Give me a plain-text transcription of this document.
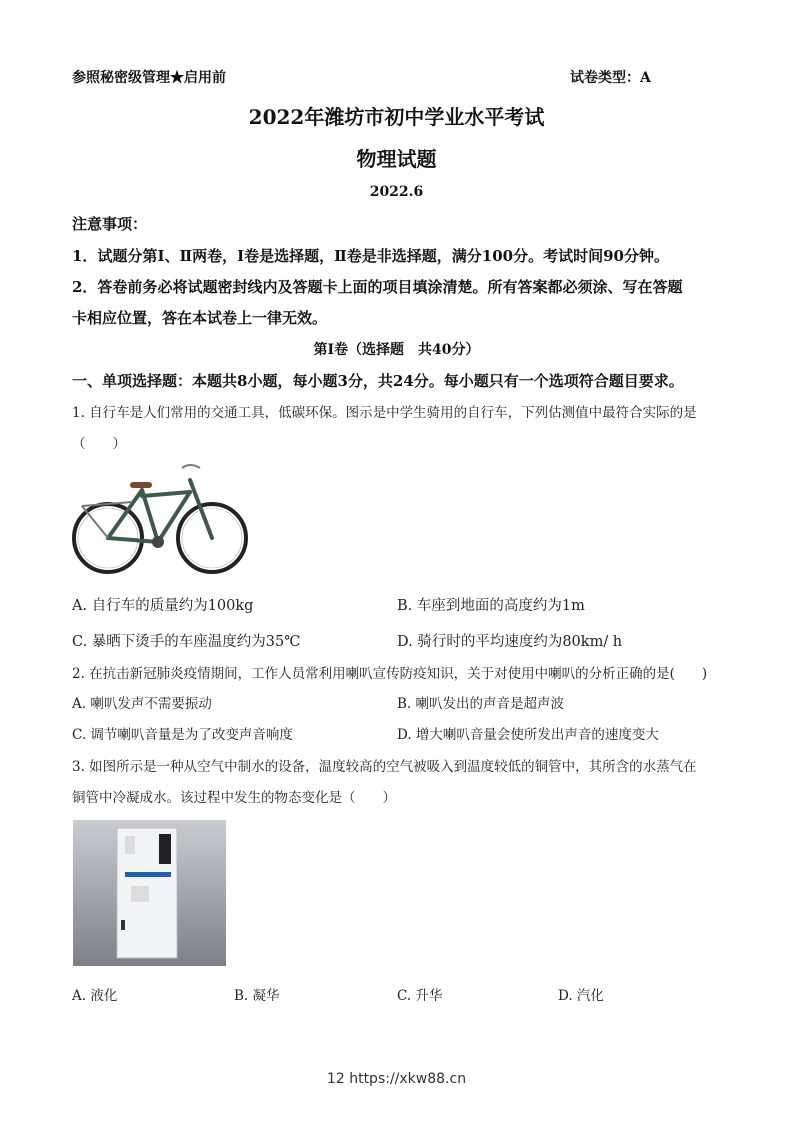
参照秘密级管理★启用前	试卷类型：A
2022年潍坊市初中学业水平考试
物理试题
2022.6
注意事项：
1．试题分第Ⅰ、Ⅱ两卷，Ⅰ卷是选择题，Ⅱ卷是非选择题，满分100分。考试时间90分钟。
2．答卷前务必将试题密封线内及答题卡上面的项目填涂清楚。所有答案都必须涂、写在答题
卡相应位置，答在本试卷上一律无效。
第Ⅰ卷（选择题　共40分）
一、单项选择题：本题共8小题，每小题3分，共24分。每小题只有一个选项符合题目要求。
1. 自行车是人们常用的交通工具，低碳环保。图示是中学生骑用的自行车，下列估测值中最符合实际的是
（　　）
A. 自行车的质量约为100kg	B. 车座到地面的高度约为1m
C. 暴晒下烫手的车座温度约为35℃	D. 骑行时的平均速度约为80km/ h
2. 在抗击新冠肺炎疫情期间，工作人员常利用喇叭宣传防疫知识，关于对使用中喇叭的分析正确的是(　　)
A. 喇叭发声不需要振动	B. 喇叭发出的声音是超声波
C. 调节喇叭音量是为了改变声音响度	D. 增大喇叭音量会使所发出声音的速度变大
3. 如图所示是一种从空气中制水的设备，温度较高的空气被吸入到温度较低的铜管中，其所含的水蒸气在
铜管中冷凝成水。该过程中发生的物态变化是（　　）
A. 液化	B. 凝华	C. 升华	D. 汽化
12 https://xkw88.cn
